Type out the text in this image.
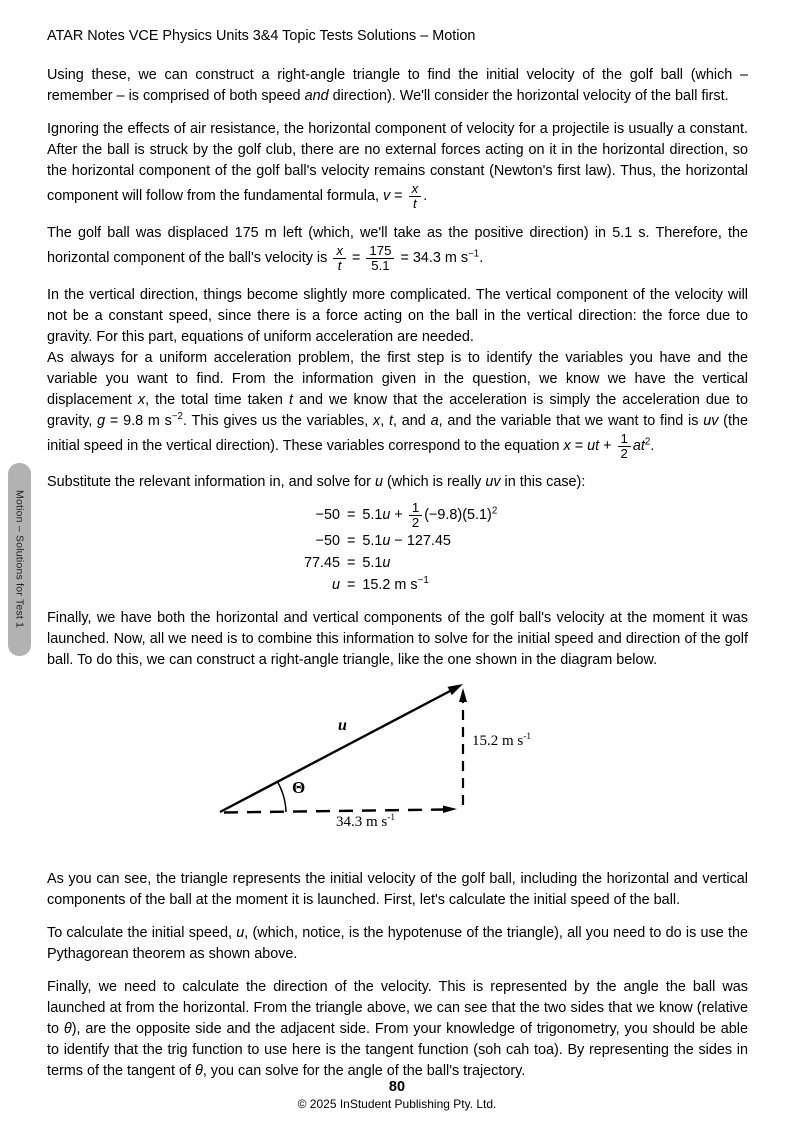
Motion – Solutions for Test 1
ATAR Notes VCE Physics Units 3&4 Topic Tests Solutions – Motion

Using these, we can construct a right-angle triangle to find the initial velocity of the golf ball (which – remember – is comprised of both speed and direction). We'll consider the horizontal velocity of the ball first.

Ignoring the effects of air resistance, the horizontal component of velocity for a projectile is usually a constant. After the ball is struck by the golf club, there are no external forces acting on it in the horizontal direction, so the horizontal component of the golf ball's velocity remains constant (Newton's first law). Thus, the horizontal component will follow from the fundamental formula, $v = \frac{x}{t}$ .

The golf ball was displaced 175 m left (which, we'll take as the positive direction) in 5.1 s. Therefore, the horizontal component of the ball's velocity is $\frac{x}{t} = \frac{175}{5.1} = 34.3$ m $s^{-1}$.

In the vertical direction, things become slightly more complicated. The vertical component of the velocity will not be a constant speed, since there is a force acting on the ball in the vertical direction: the force due to gravity. For this part, equations of uniform acceleration are needed.

As always for a uniform acceleration problem, the first step is to identify the variables you have and the variable you want to find. From the information given in the question, we know we have the vertical displacement x, the total time taken t and we know that the acceleration is simply the acceleration due to gravity, g = 9.8 m $s^{-2}$. This gives us the variables, x, t, and a, and the variable that we want to find is uv (the initial speed in the vertical direction). These variables correspond to the equation x = ut + $\frac{1}{2} at^2$.

Substitute the relevant information in, and solve for u (which is really uv in this case):

$-50 = 5.1u + \frac{1}{2} (-9.8)(5.1)^2$
−50 = 5.1u − 127.45
77.45 = 5.1u
u = 15.2 m $s^{-1}$

Finally, we have both the horizontal and vertical components of the golf ball's velocity at the moment it was launched. Now, all we need is to combine this information to solve for the initial speed and direction of the golf ball. To do this, we can construct a right-angle triangle, like the one shown in the diagram below.

u
Θ
15.2 m $s^{-1}$
34.3 m $s^{-1}$

As you can see, the triangle represents the initial velocity of the golf ball, including the horizontal and vertical components of the ball at the moment it is launched. First, let's calculate the initial speed of the ball.

To calculate the initial speed, u, (which, notice, is the hypotenuse of the triangle), all you need to do is use the Pythagorean theorem as shown above.

Finally, we need to calculate the direction of the velocity. This is represented by the angle the ball was launched at from the horizontal. From the triangle above, we can see that the two sides that we know (relative to θ), are the opposite side and the adjacent side. From your knowledge of trigonometry, you should be able to identify that the trig function to use here is the tangent function (soh cah toa). By representing the sides in terms of the tangent of θ, you can solve for the angle of the ball's trajectory.

80
© 2025 InStudent Publishing Pty. Ltd.
